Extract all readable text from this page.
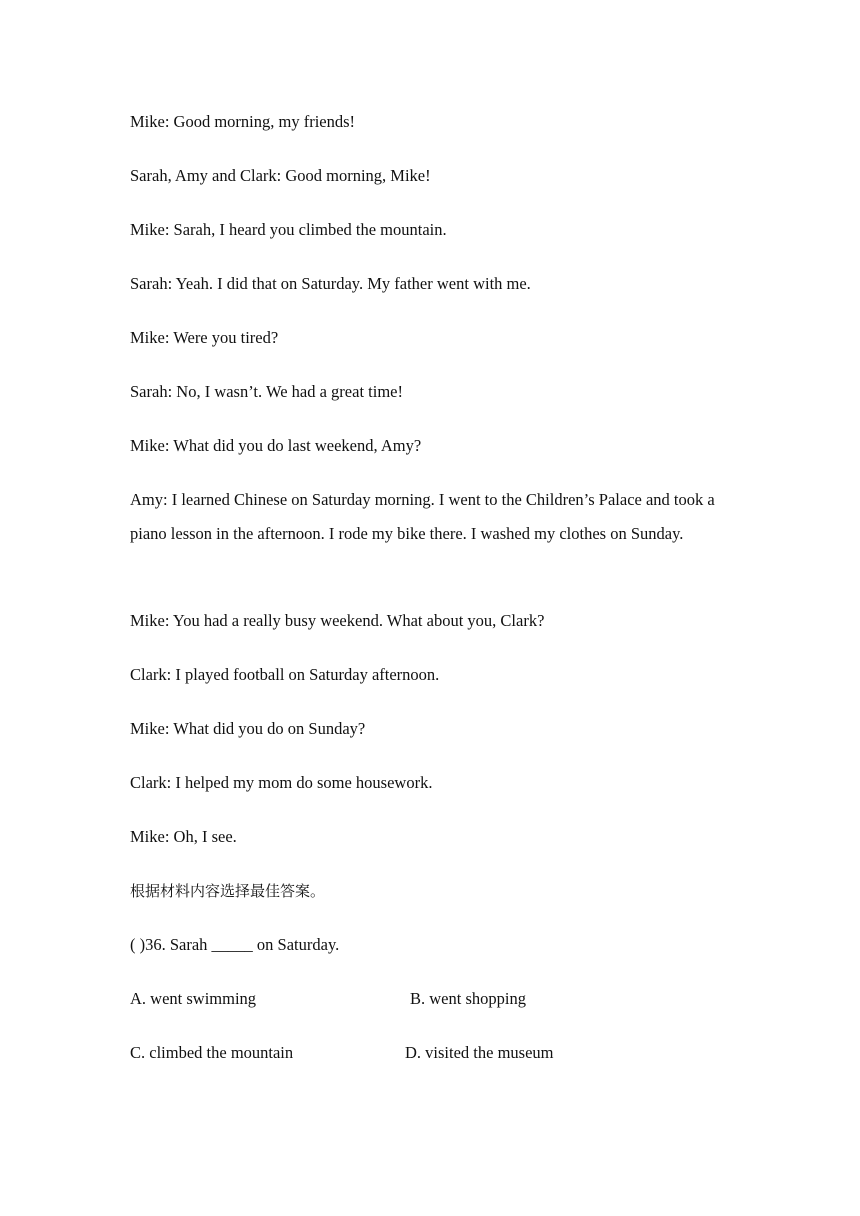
Mike: Good morning, my friends!
Sarah, Amy and Clark: Good morning, Mike!
Mike: Sarah, I heard you climbed the mountain.
Sarah: Yeah. I did that on Saturday. My father went with me.
Mike: Were you tired?
Sarah: No, I wasn’t. We had a great time!
Mike: What did you do last weekend, Amy?
Amy: I learned Chinese on Saturday morning. I went to the Children’s Palace and took a piano lesson in the afternoon. I rode my bike there. I washed my clothes on Sunday.
Mike: You had a really busy weekend. What about you, Clark?
Clark: I played football on Saturday afternoon.
Mike: What did you do on Sunday?
Clark: I helped my mom do some housework.
Mike: Oh, I see.
根据材料内容选择最佳答案。
( )36. Sarah _____ on Saturday.
A. went swimming	B. went shopping
C. climbed the mountain	D. visited the museum
